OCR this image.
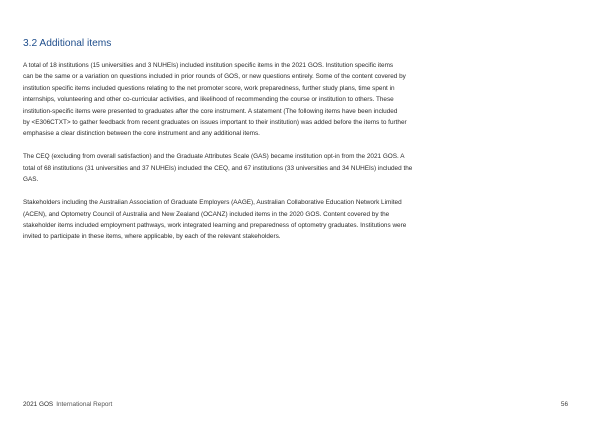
3.2 Additional items

A total of 18 institutions (15 universities and 3 NUHEIs) included institution specific items in the 2021 GOS. Institution specific items
can be the same or a variation on questions included in prior rounds of GOS, or new questions entirely. Some of the content covered by
institution specific items included questions relating to the net promoter score, work preparedness, further study plans, time spent in
internships, volunteering and other co-curricular activities, and likelihood of recommending the course or institution to others. These
institution-specific items were presented to graduates after the core instrument. A statement (The following items have been included
by <E306CTXT> to gather feedback from recent graduates on issues important to their institution) was added before the items to further
emphasise a clear distinction between the core instrument and any additional items.

The CEQ (excluding from overall satisfaction) and the Graduate Attributes Scale (GAS) became institution opt-in from the 2021 GOS. A
total of 68 institutions (31 universities and 37 NUHEIs) included the CEQ, and 67 institutions (33 universities and 34 NUHEIs) included the
GAS.

Stakeholders including the Australian Association of Graduate Employers (AAGE), Australian Collaborative Education Network Limited
(ACEN), and Optometry Council of Australia and New Zealand (OCANZ) included items in the 2020 GOS. Content covered by the
stakeholder items included employment pathways, work integrated learning and preparedness of optometry graduates. Institutions were
invited to participate in these items, where applicable, by each of the relevant stakeholders.

2021 GOS International Report	56
